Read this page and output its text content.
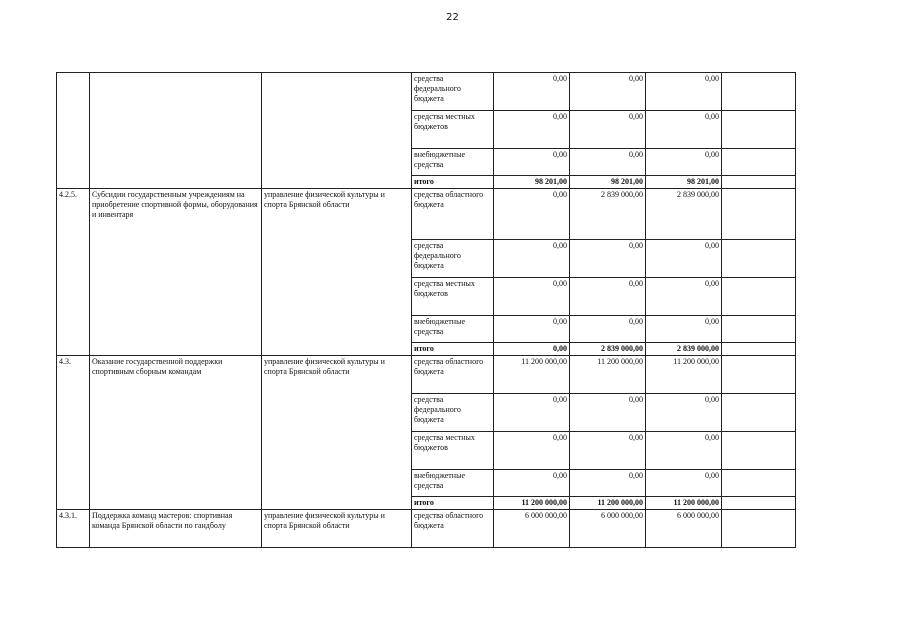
22
			средства федерального бюджета	0,00	0,00	0,00	
			средства местных бюджетов	0,00	0,00	0,00	
			внебюджетные средства	0,00	0,00	0,00	
			итого	98 201,00	98 201,00	98 201,00	
4.2.5.	Субсидии государственным учреждениям на приобретение спортивной формы, оборудования и инвентаря	управление физической культуры и спорта Брянской области	средства областного бюджета	0,00	2 839 000,00	2 839 000,00	
			средства федерального бюджета	0,00	0,00	0,00	
			средства местных бюджетов	0,00	0,00	0,00	
			внебюджетные средства	0,00	0,00	0,00	
			итого	0,00	2 839 000,00	2 839 000,00	
4.3.	Оказание государственной поддержки спортивным сборным командам	управление физической культуры и спорта Брянской области	средства областного бюджета	11 200 000,00	11 200 000,00	11 200 000,00	
			средства федерального бюджета	0,00	0,00	0,00	
			средства местных бюджетов	0,00	0,00	0,00	
			внебюджетные средства	0,00	0,00	0,00	
			итого	11 200 000,00	11 200 000,00	11 200 000,00	
4.3.1.	Поддержка команд мастеров: спортивная команда Брянской области по гандболу	управление физической культуры и спорта Брянской области	средства областного бюджета	6 000 000,00	6 000 000,00	6 000 000,00	
